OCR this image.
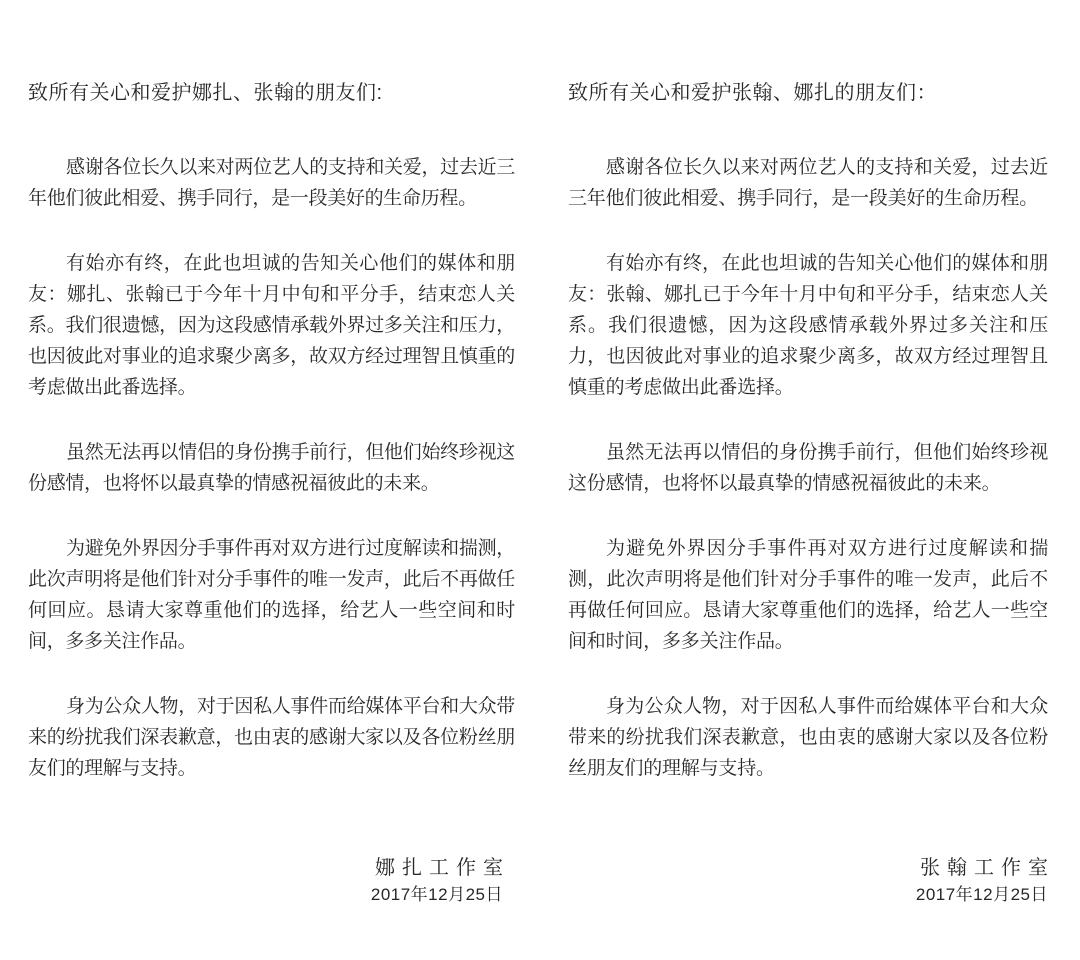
致所有关心和爱护娜扎、张翰的朋友们:

感谢各位长久以来对两位艺人的支持和关爱，过去近三年他们彼此相爱、携手同行，是一段美好的生命历程。

有始亦有终，在此也坦诚的告知关心他们的媒体和朋友：娜扎、张翰已于今年十月中旬和平分手，结束恋人关系。我们很遗憾，因为这段感情承载外界过多关注和压力，也因彼此对事业的追求聚少离多，故双方经过理智且慎重的考虑做出此番选择。

虽然无法再以情侣的身份携手前行，但他们始终珍视这份感情，也将怀以最真挚的情感祝福彼此的未来。

为避免外界因分手事件再对双方进行过度解读和揣测，此次声明将是他们针对分手事件的唯一发声，此后不再做任何回应。恳请大家尊重他们的选择，给艺人一些空间和时间，多多关注作品。

身为公众人物，对于因私人事件而给媒体平台和大众带来的纷扰我们深表歉意，也由衷的感谢大家以及各位粉丝朋友们的理解与支持。

娜扎工作室
2017年12月25日
致所有关心和爱护张翰、娜扎的朋友们：

感谢各位长久以来对两位艺人的支持和关爱，过去近三年他们彼此相爱、携手同行，是一段美好的生命历程。

有始亦有终，在此也坦诚的告知关心他们的媒体和朋友：张翰、娜扎已于今年十月中旬和平分手，结束恋人关系。我们很遗憾，因为这段感情承载外界过多关注和压力，也因彼此对事业的追求聚少离多，故双方经过理智且慎重的考虑做出此番选择。

虽然无法再以情侣的身份携手前行，但他们始终珍视这份感情，也将怀以最真挚的情感祝福彼此的未来。

为避免外界因分手事件再对双方进行过度解读和揣测，此次声明将是他们针对分手事件的唯一发声，此后不再做任何回应。恳请大家尊重他们的选择，给艺人一些空间和时间，多多关注作品。

身为公众人物，对于因私人事件而给媒体平台和大众带来的纷扰我们深表歉意，也由衷的感谢大家以及各位粉丝朋友们的理解与支持。

张翰工作室
2017年12月25日
